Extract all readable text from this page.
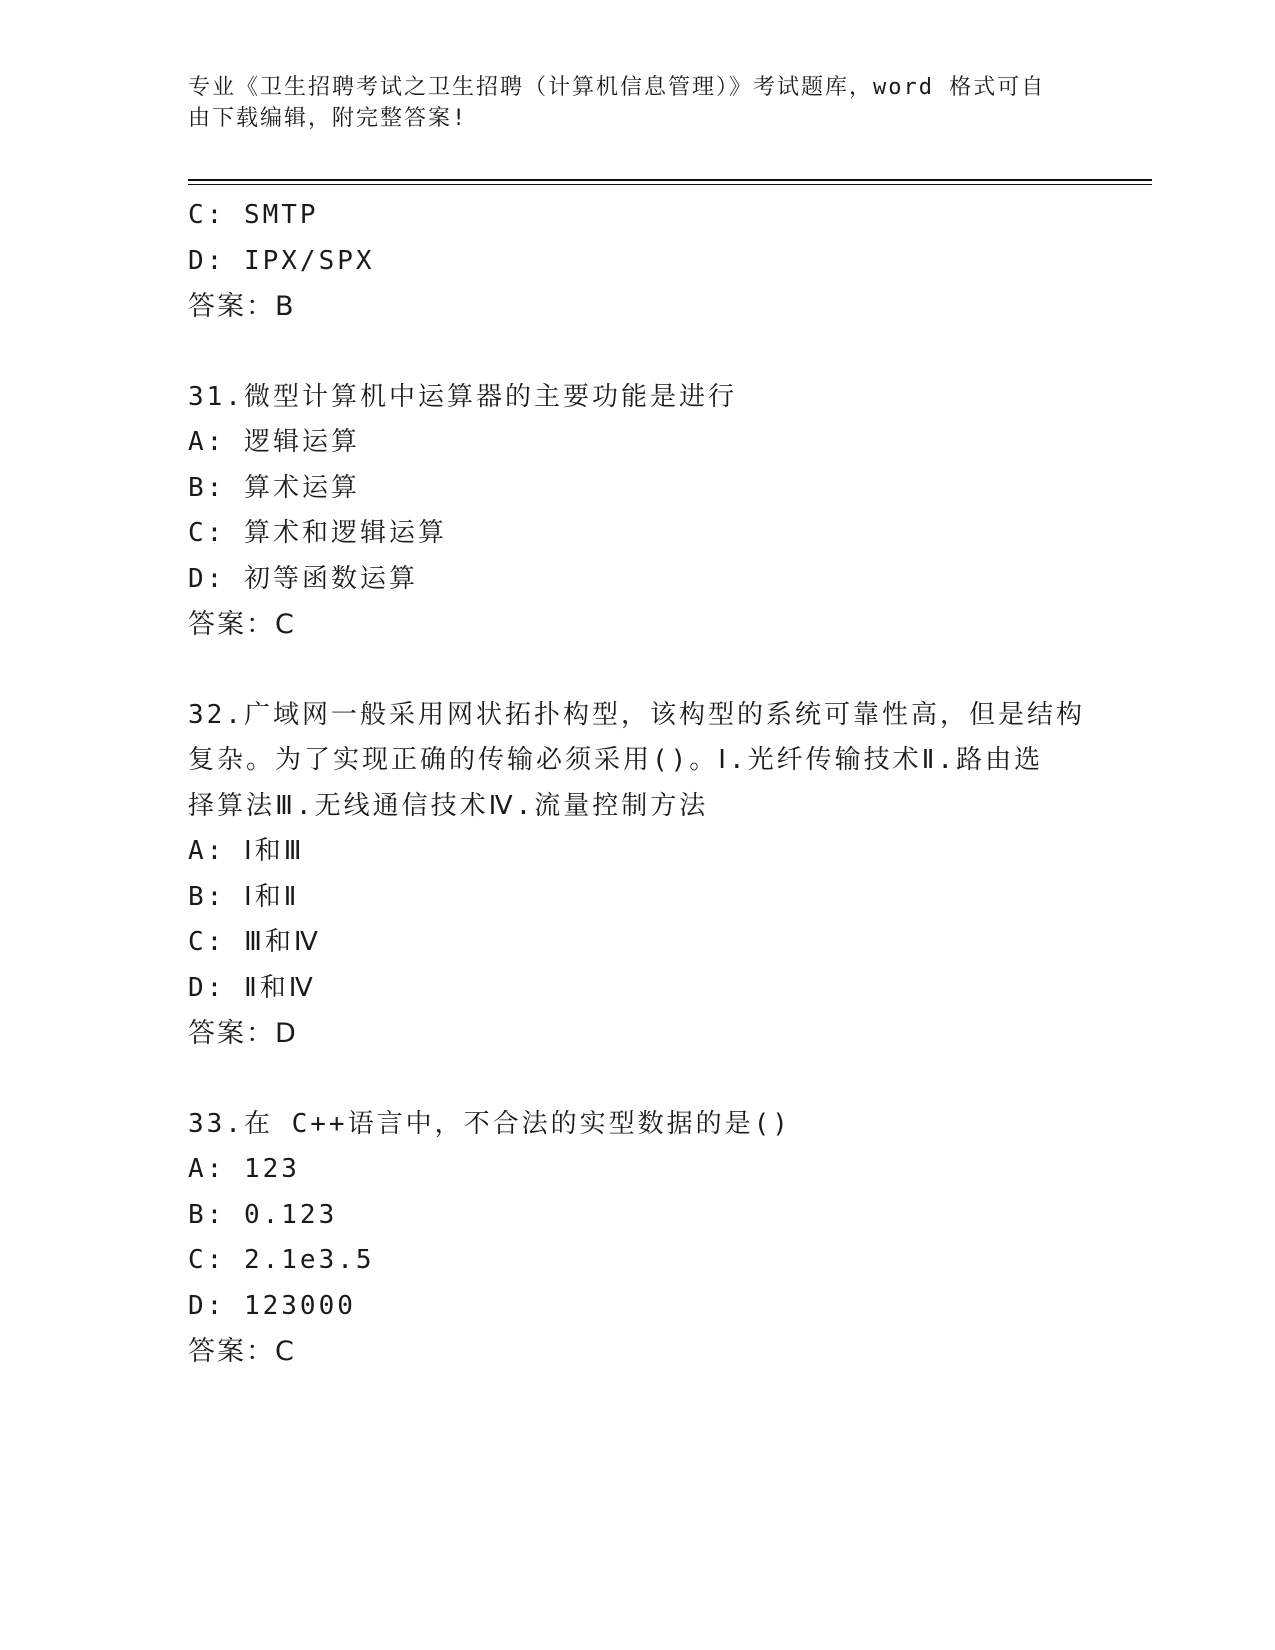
专业《卫生招聘考试之卫生招聘（计算机信息管理）》考试题库，word 格式可自
由下载编辑，附完整答案!
C: SMTP
D: IPX/SPX
答案：B
31.微型计算机中运算器的主要功能是进行
A: 逻辑运算
B: 算术运算
C: 算术和逻辑运算
D: 初等函数运算
答案：C
32.广域网一般采用网状拓扑构型，该构型的系统可靠性高，但是结构
复杂。为了实现正确的传输必须采用()。Ⅰ.光纤传输技术Ⅱ.路由选
择算法Ⅲ.无线通信技术Ⅳ.流量控制方法
A: Ⅰ和Ⅲ
B: Ⅰ和Ⅱ
C: Ⅲ和Ⅳ
D: Ⅱ和Ⅳ
答案：D
33.在 C++语言中，不合法的实型数据的是()
A: 123
B: 0.123
C: 2.1e3.5
D: 123000
答案：C
